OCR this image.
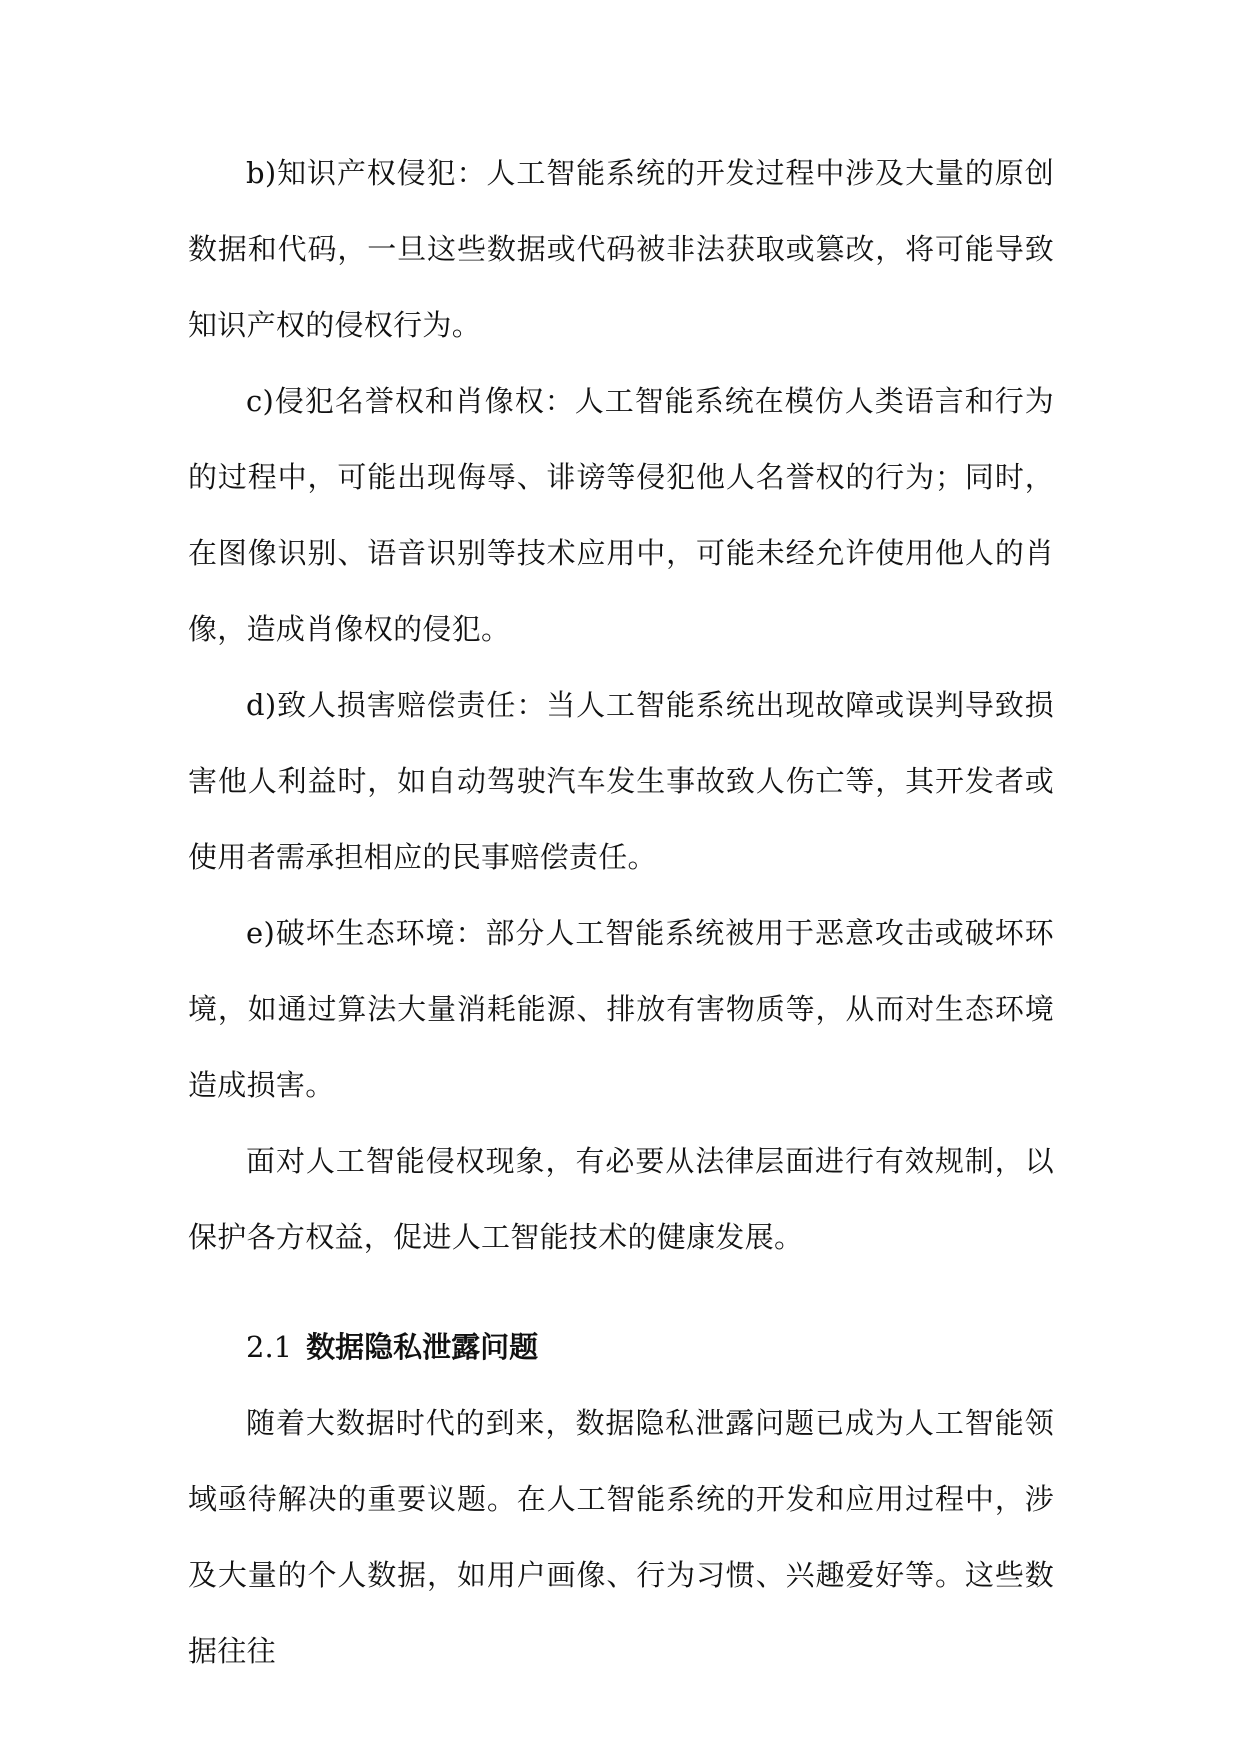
b)知识产权侵犯：人工智能系统的开发过程中涉及大量的原创数据和代码，一旦这些数据或代码被非法获取或篡改，将可能导致知识产权的侵权行为。

c)侵犯名誉权和肖像权：人工智能系统在模仿人类语言和行为的过程中，可能出现侮辱、诽谤等侵犯他人名誉权的行为；同时，在图像识别、语音识别等技术应用中，可能未经允许使用他人的肖像，造成肖像权的侵犯。

d)致人损害赔偿责任：当人工智能系统出现故障或误判导致损害他人利益时，如自动驾驶汽车发生事故致人伤亡等，其开发者或使用者需承担相应的民事赔偿责任。

e)破坏生态环境：部分人工智能系统被用于恶意攻击或破坏环境，如通过算法大量消耗能源、排放有害物质等，从而对生态环境造成损害。

面对人工智能侵权现象，有必要从法律层面进行有效规制，以保护各方权益，促进人工智能技术的健康发展。

2.1 数据隐私泄露问题

随着大数据时代的到来，数据隐私泄露问题已成为人工智能领域亟待解决的重要议题。在人工智能系统的开发和应用过程中，涉及大量的个人数据，如用户画像、行为习惯、兴趣爱好等。这些数据往往
